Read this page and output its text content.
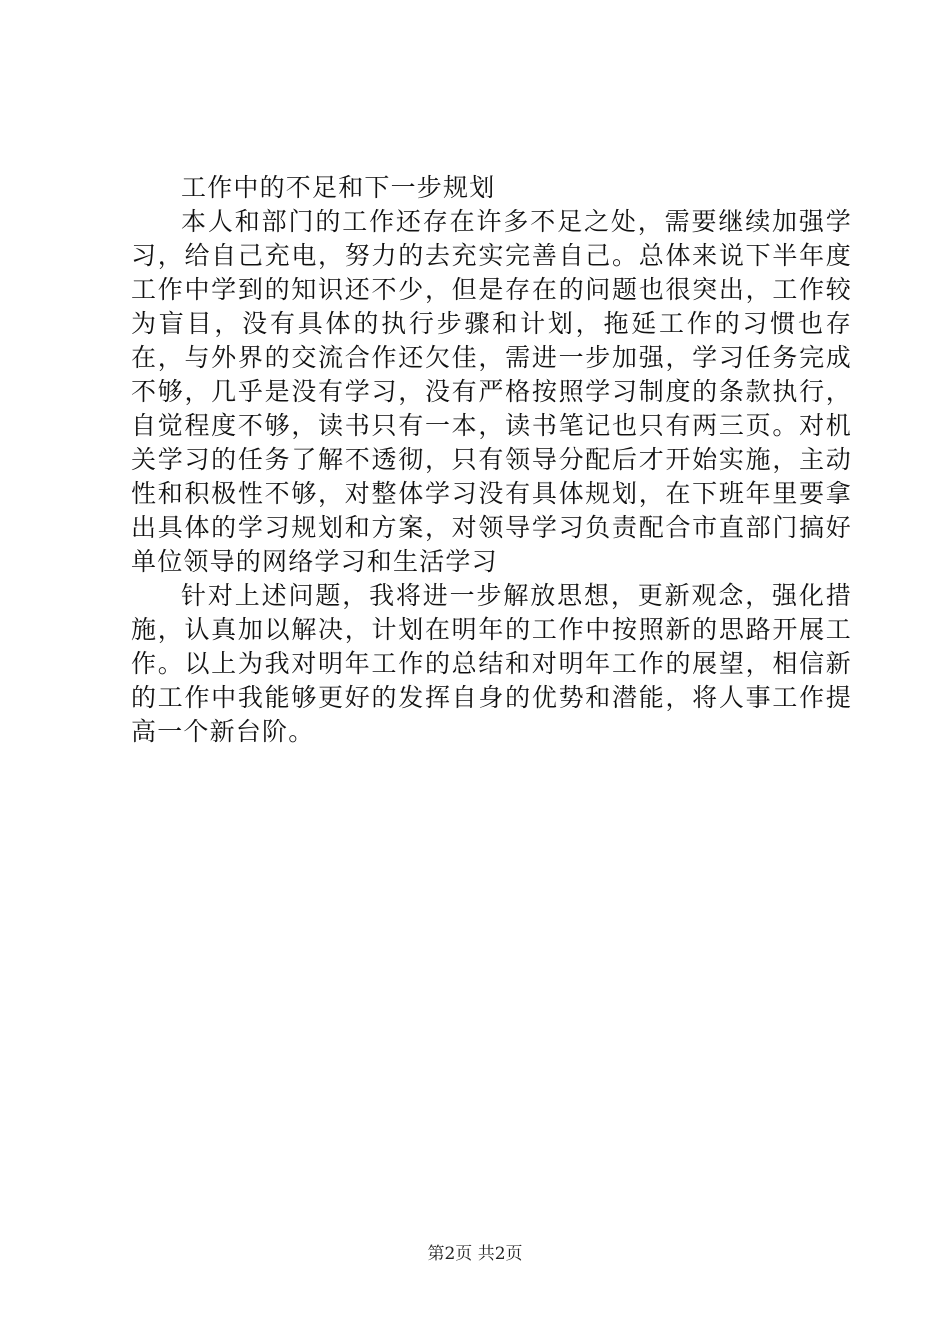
工作中的不足和下一步规划

本人和部门的工作还存在许多不足之处，需要继续加强学习，给自己充电，努力的去充实完善自己。总体来说下半年度工作中学到的知识还不少，但是存在的问题也很突出，工作较为盲目，没有具体的执行步骤和计划，拖延工作的习惯也存在，与外界的交流合作还欠佳，需进一步加强，学习任务完成不够，几乎是没有学习，没有严格按照学习制度的条款执行，自觉程度不够，读书只有一本，读书笔记也只有两三页。对机关学习的任务了解不透彻，只有领导分配后才开始实施，主动性和积极性不够，对整体学习没有具体规划，在下班年里要拿出具体的学习规划和方案，对领导学习负责配合市直部门搞好单位领导的网络学习和生活学习

针对上述问题，我将进一步解放思想，更新观念，强化措施，认真加以解决，计划在明年的工作中按照新的思路开展工作。以上为我对明年工作的总结和对明年工作的展望，相信新的工作中我能够更好的发挥自身的优势和潜能，将人事工作提高一个新台阶。

第2页 共2页
